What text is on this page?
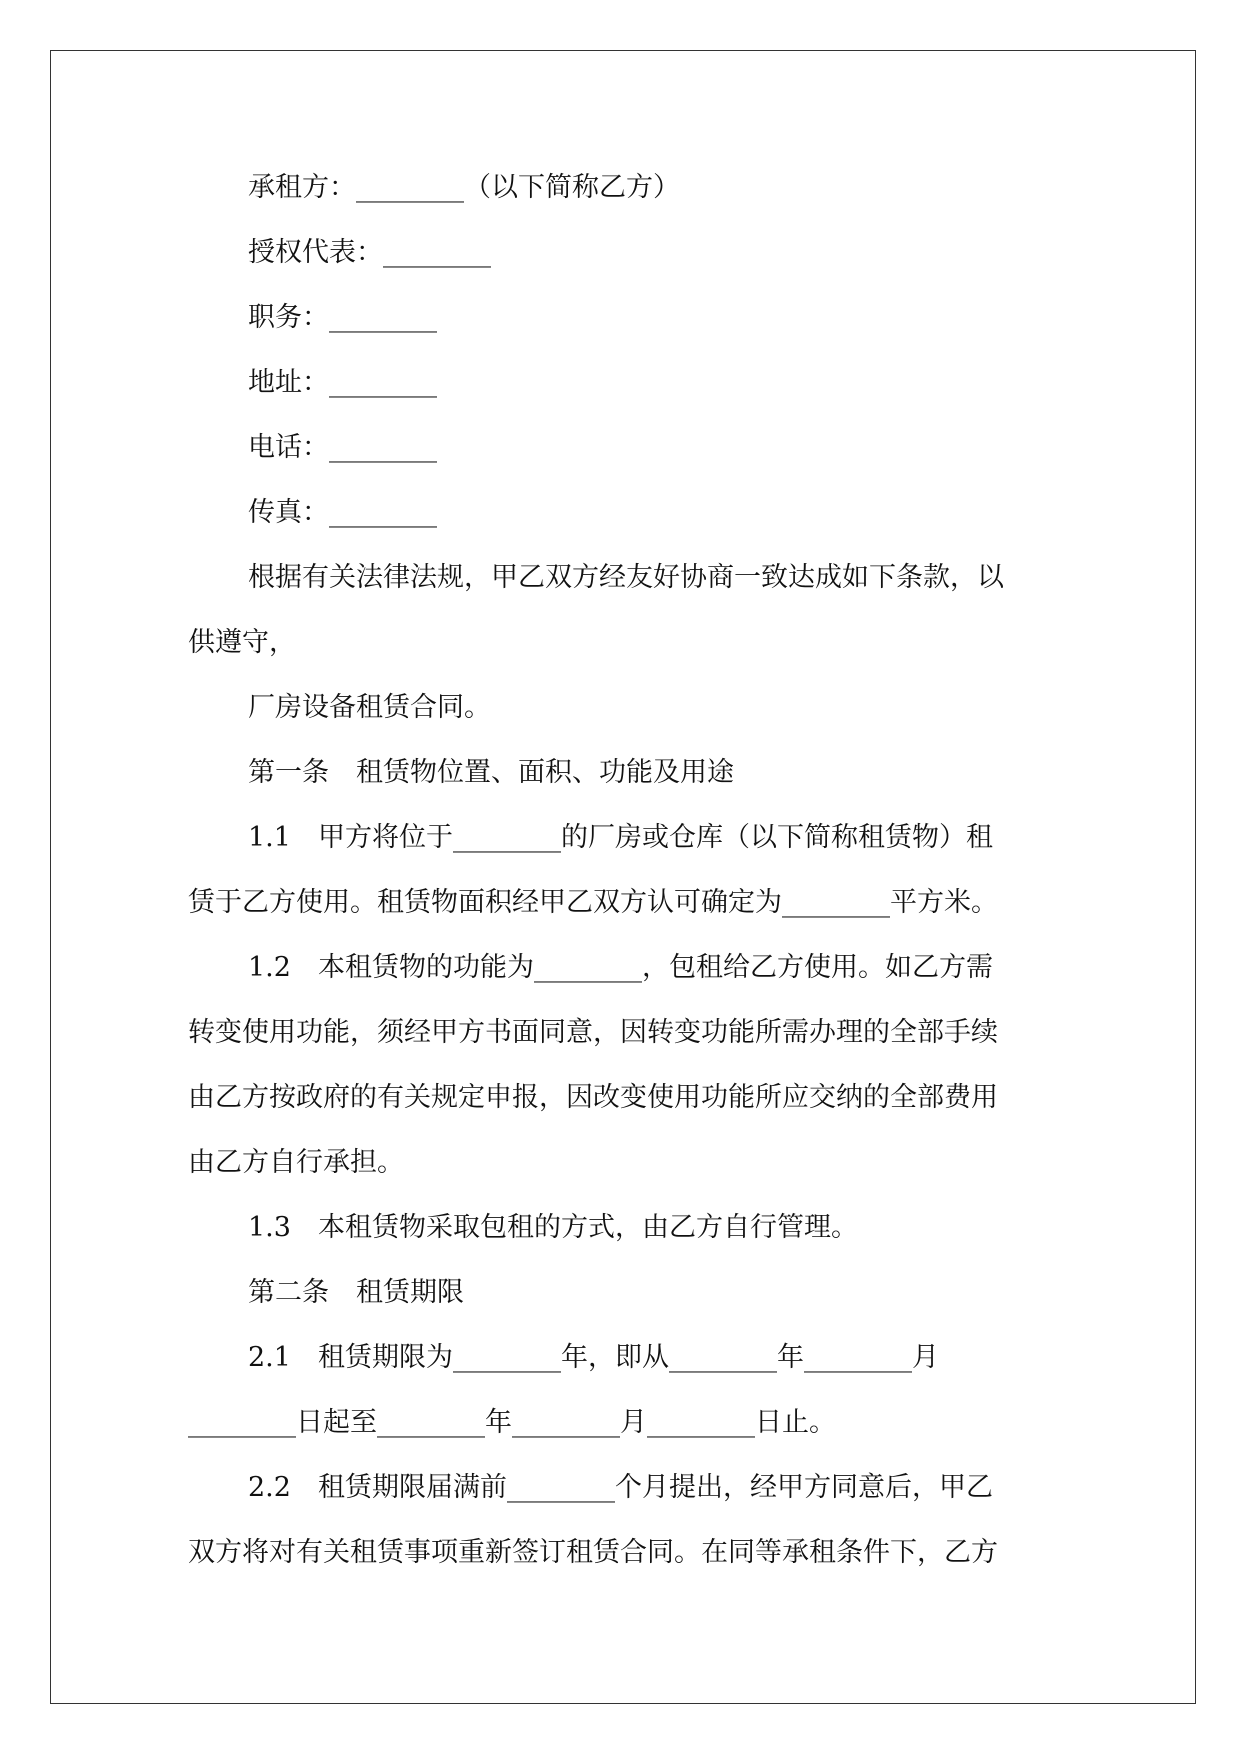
承租方：________（以下简称乙方）
授权代表：________
职务：________
地址：________
电话：________
传真：________
根据有关法律法规，甲乙双方经友好协商一致达成如下条款，以
供遵守，
厂房设备租赁合同。
第一条　租赁物位置、面积、功能及用途
1.1　甲方将位于________的厂房或仓库（以下简称租赁物）租
赁于乙方使用。租赁物面积经甲乙双方认可确定为________平方米。
1.2　本租赁物的功能为________，包租给乙方使用。如乙方需
转变使用功能，须经甲方书面同意，因转变功能所需办理的全部手续
由乙方按政府的有关规定申报，因改变使用功能所应交纳的全部费用
由乙方自行承担。
1.3　本租赁物采取包租的方式，由乙方自行管理。
第二条　租赁期限
2.1　租赁期限为________年，即从________年________月
________日起至________年________月________日止。
2.2　租赁期限届满前________个月提出，经甲方同意后，甲乙
双方将对有关租赁事项重新签订租赁合同。在同等承租条件下，乙方
